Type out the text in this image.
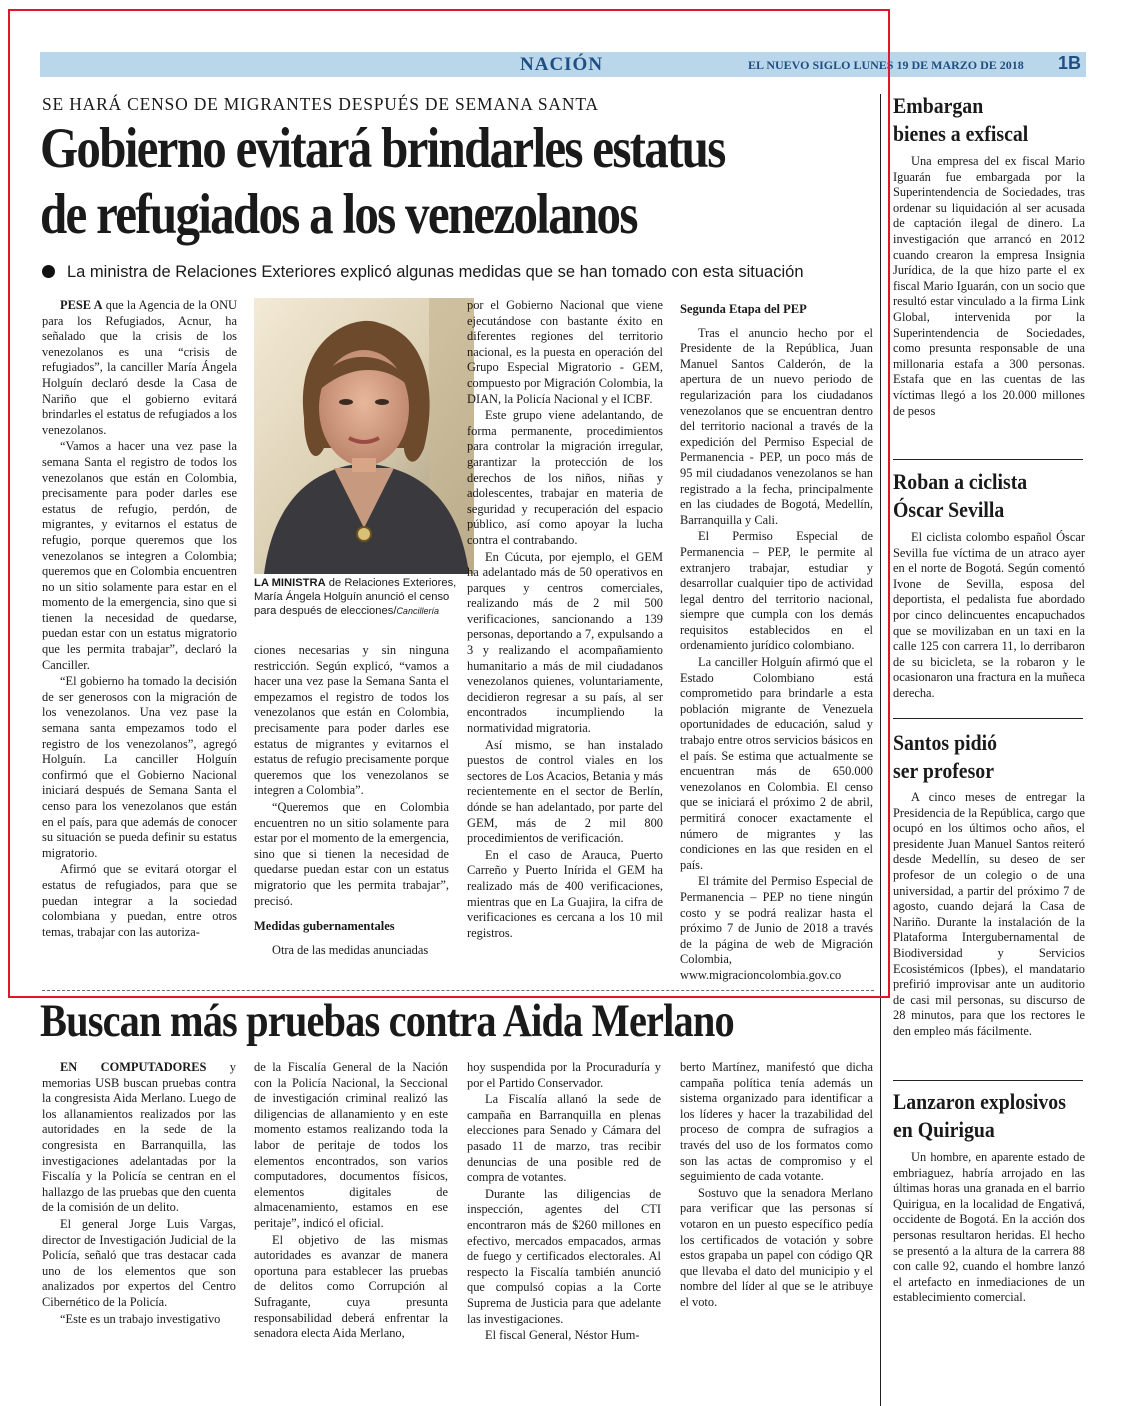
NACIÓN	EL NUEVO SIGLO LUNES 19 DE MARZO DE 2018 1B
SE HARÁ CENSO DE MIGRANTES DESPUÉS DE SEMANA SANTA
Gobierno evitará brindarles estatus
de refugiados a los venezolanos
La ministra de Relaciones Exteriores explicó algunas medidas que se han tomado con esta situación

PESE A que la Agencia de la ONU para los Refugiados, Acnur, ha señalado que la crisis de los venezolanos es una “crisis de refugiados”, la canciller María Ángela Holguín declaró desde la Casa de Nariño que el gobierno evitará brindarles el estatus de refugiados a los venezolanos.

“Vamos a hacer una vez pase la semana Santa el registro de todos los venezolanos que están en Colombia, precisamente para poder darles ese estatus de refugio, perdón, de migrantes, y evitarnos el estatus de refugio, porque queremos que los venezolanos se integren a Colombia; queremos que en Colombia encuentren no un sitio solamente para estar en el momento de la emergencia, sino que si tienen la necesidad de quedarse, puedan estar con un estatus migratorio que les permita trabajar”, declaró la Canciller.

“El gobierno ha tomado la decisión de ser generosos con la migración de los venezolanos. Una vez pase la semana santa empezamos todo el registro de los venezolanos”, agregó Holguín. La canciller Holguín confirmó que el Gobierno Nacional iniciará después de Semana Santa el censo para los venezolanos que están en el país, para que además de conocer su situación se pueda definir su estatus migratorio.

Afirmó que se evitará otorgar el estatus de refugiados, para que se puedan integrar a la sociedad colombiana y puedan, entre otros temas, trabajar con las autoriza-

LA MINISTRA de Relaciones Exteriores, María Ángela Holguín anunció el censo para después de elecciones/Cancillería

ciones necesarias y sin ninguna restricción. Según explicó, “vamos a hacer una vez pase la Semana Santa el empezamos el registro de todos los venezolanos que están en Colombia, precisamente para poder darles ese estatus de migrantes y evitarnos el estatus de refugio precisamente porque queremos que los venezolanos se integren a Colombia”.

“Queremos que en Colombia encuentren no un sitio solamente para estar por el momento de la emergencia, sino que si tienen la necesidad de quedarse puedan estar con un estatus migratorio que les permita trabajar”, precisó.

Medidas gubernamentales

Otra de las medidas anunciadas

por el Gobierno Nacional que viene ejecutándose con bastante éxito en diferentes regiones del territorio nacional, es la puesta en operación del Grupo Especial Migratorio - GEM, compuesto por Migración Colombia, la DIAN, la Policía Nacional y el ICBF.

Este grupo viene adelantando, de forma permanente, procedimientos para controlar la migración irregular, garantizar la protección de los derechos de los niños, niñas y adolescentes, trabajar en materia de seguridad y recuperación del espacio público, así como apoyar la lucha contra el contrabando.

En Cúcuta, por ejemplo, el GEM ha adelantado más de 50 operativos en parques y centros comerciales, realizando más de 2 mil 500 verificaciones, sancionando a 139 personas, deportando a 7, expulsando a 3 y realizando el acompañamiento humanitario a más de mil ciudadanos venezolanos quienes, voluntariamente, decidieron regresar a su país, al ser encontrados incumpliendo la normatividad migratoria.

Así mismo, se han instalado puestos de control viales en los sectores de Los Acacios, Betania y más recientemente en el sector de Berlín, dónde se han adelantado, por parte del GEM, más de 2 mil 800 procedimientos de verificación.

En el caso de Arauca, Puerto Carreño y Puerto Inírida el GEM ha realizado más de 400 verificaciones, mientras que en La Guajira, la cifra de verificaciones es cercana a los 10 mil registros.

Segunda Etapa del PEP

Tras el anuncio hecho por el Presidente de la República, Juan Manuel Santos Calderón, de la apertura de un nuevo periodo de regularización para los ciudadanos venezolanos que se encuentran dentro del territorio nacional a través de la expedición del Permiso Especial de Permanencia - PEP, un poco más de 95 mil ciudadanos venezolanos se han registrado a la fecha, principalmente en las ciudades de Bogotá, Medellín, Barranquilla y Cali.

El Permiso Especial de Permanencia – PEP, le permite al extranjero trabajar, estudiar y desarrollar cualquier tipo de actividad legal dentro del territorio nacional, siempre que cumpla con los demás requisitos establecidos en el ordenamiento jurídico colombiano.

La canciller Holguín afirmó que el Estado Colombiano está comprometido para brindarle a esta población migrante de Venezuela oportunidades de educación, salud y trabajo entre otros servicios básicos en el país. Se estima que actualmente se encuentran más de 650.000 venezolanos en Colombia. El censo que se iniciará el próximo 2 de abril, permitirá conocer exactamente el número de migrantes y las condiciones en las que residen en el país.

El trámite del Permiso Especial de Permanencia – PEP no tiene ningún costo y se podrá realizar hasta el próximo 7 de Junio de 2018 a través de la página de web de Migración Colombia, www.migracioncolombia.gov.co

Buscan más pruebas contra Aida Merlano

EN COMPUTADORES y memorias USB buscan pruebas contra la congresista Aida Merlano. Luego de los allanamientos realizados por las autoridades en la sede de la congresista en Barranquilla, las investigaciones adelantadas por la Fiscalía y la Policía se centran en el hallazgo de las pruebas que den cuenta de la comisión de un delito.

El general Jorge Luis Vargas, director de Investigación Judicial de la Policía, señaló que tras destacar cada uno de los elementos que son analizados por expertos del Centro Cibernético de la Policía.

“Este es un trabajo investigativo

de la Fiscalía General de la Nación con la Policía Nacional, la Seccional de investigación criminal realizó las diligencias de allanamiento y en este momento estamos realizando toda la labor de peritaje de todos los elementos encontrados, son varios computadores, documentos físicos, elementos digitales de almacenamiento, estamos en ese peritaje”, indicó el oficial.

El objetivo de las mismas autoridades es avanzar de manera oportuna para establecer las pruebas de delitos como Corrupción al Sufragante, cuya presunta responsabilidad deberá enfrentar la senadora electa Aida Merlano,

hoy suspendida por la Procuraduría y por el Partido Conservador.

La Fiscalía allanó la sede de campaña en Barranquilla en plenas elecciones para Senado y Cámara del pasado 11 de marzo, tras recibir denuncias de una posible red de compra de votantes.

Durante las diligencias de inspección, agentes del CTI encontraron más de $260 millones en efectivo, mercados empacados, armas de fuego y certificados electorales. Al respecto la Fiscalía también anunció que compulsó copias a la Corte Suprema de Justicia para que adelante las investigaciones.

El fiscal General, Néstor Hum-

berto Martínez, manifestó que dicha campaña política tenía además un sistema organizado para identificar a los líderes y hacer la trazabilidad del proceso de compra de sufragios a través del uso de los formatos como son las actas de compromiso y el seguimiento de cada votante.

Sostuvo que la senadora Merlano para verificar que las personas sí votaron en un puesto específico pedía los certificados de votación y sobre estos grapaba un papel con código QR que llevaba el dato del municipio y el nombre del líder al que se le atribuye el voto.

Embargan
bienes a exfiscal

Una empresa del ex fiscal Mario Iguarán fue embargada por la Superintendencia de Sociedades, tras ordenar su liquidación al ser acusada de captación ilegal de dinero. La investigación que arrancó en 2012 cuando crearon la empresa Insignia Jurídica, de la que hizo parte el ex fiscal Mario Iguarán, con un socio que resultó estar vinculado a la firma Link Global, intervenida por la Superintendencia de Sociedades, como presunta responsable de una millonaria estafa a 300 personas. Estafa que en las cuentas de las víctimas llegó a los 20.000 millones de pesos

Roban a ciclista
Óscar Sevilla

El ciclista colombo español Óscar Sevilla fue víctima de un atraco ayer en el norte de Bogotá. Según comentó Ivone de Sevilla, esposa del deportista, el pedalista fue abordado por cinco delincuentes encapuchados que se movilizaban en un taxi en la calle 125 con carrera 11, lo derribaron de su bicicleta, se la robaron y le ocasionaron una fractura en la muñeca derecha.

Santos pidió
ser profesor

A cinco meses de entregar la Presidencia de la República, cargo que ocupó en los últimos ocho años, el presidente Juan Manuel Santos reiteró desde Medellín, su deseo de ser profesor de un colegio o de una universidad, a partir del próximo 7 de agosto, cuando dejará la Casa de Nariño. Durante la instalación de la Plataforma Intergubernamental de Biodiversidad y Servicios Ecosistémicos (Ipbes), el mandatario prefirió improvisar ante un auditorio de casi mil personas, su discurso de 28 minutos, para que los rectores le den empleo más fácilmente.

Lanzaron explosivos
en Quirigua

Un hombre, en aparente estado de embriaguez, habría arrojado en las últimas horas una granada en el barrio Quirigua, en la localidad de Engativá, occidente de Bogotá. En la acción dos personas resultaron heridas. El hecho se presentó a la altura de la carrera 88 con calle 92, cuando el hombre lanzó el artefacto en inmediaciones de un establecimiento comercial.
